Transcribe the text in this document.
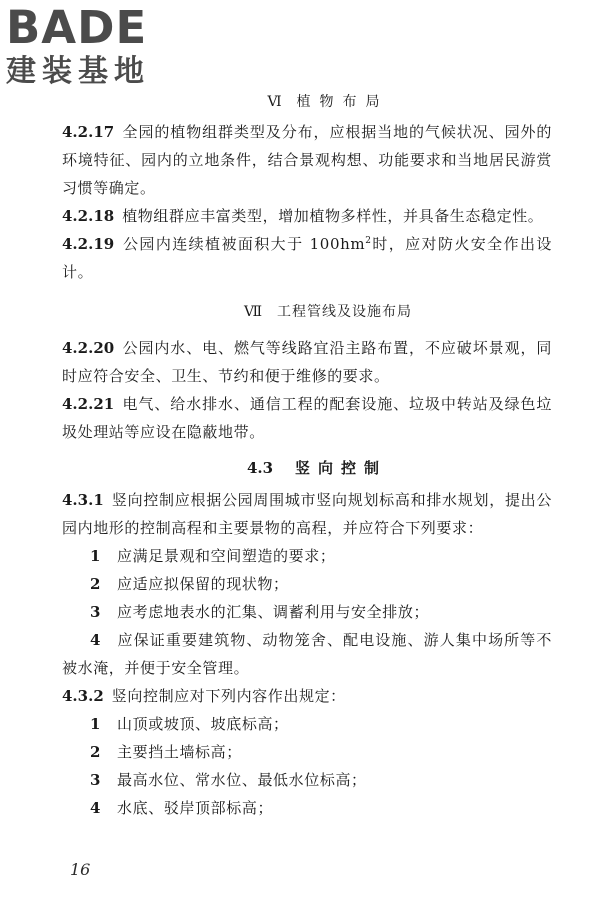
BADE
建装基地
Ⅵ 植物布局
4.2.17 全园的植物组群类型及分布，应根据当地的气候状况、园外的环境特征、园内的立地条件，结合景观构想、功能要求和当地居民游赏习惯等确定。
4.2.18 植物组群应丰富类型，增加植物多样性，并具备生态稳定性。
4.2.19 公园内连续植被面积大于 $100hm^2$时，应对防火安全作出设计。
Ⅶ 工程管线及设施布局
4.2.20 公园内水、电、燃气等线路宜沿主路布置，不应破坏景观，同时应符合安全、卫生、节约和便于维修的要求。
4.2.21 电气、给水排水、通信工程的配套设施、垃圾中转站及绿色垃圾处理站等应设在隐蔽地带。
4.3 竖向控制
4.3.1 竖向控制应根据公园周围城市竖向规划标高和排水规划，提出公园内地形的控制高程和主要景物的高程，并应符合下列要求：
1 应满足景观和空间塑造的要求；
2 应适应拟保留的现状物；
3 应考虑地表水的汇集、调蓄利用与安全排放；
4 应保证重要建筑物、动物笼舍、配电设施、游人集中场所等不被水淹，并便于安全管理。
4.3.2 竖向控制应对下列内容作出规定：
1 山顶或坡顶、坡底标高；
2 主要挡土墙标高；
3 最高水位、常水位、最低水位标高；
4 水底、驳岸顶部标高；
16
